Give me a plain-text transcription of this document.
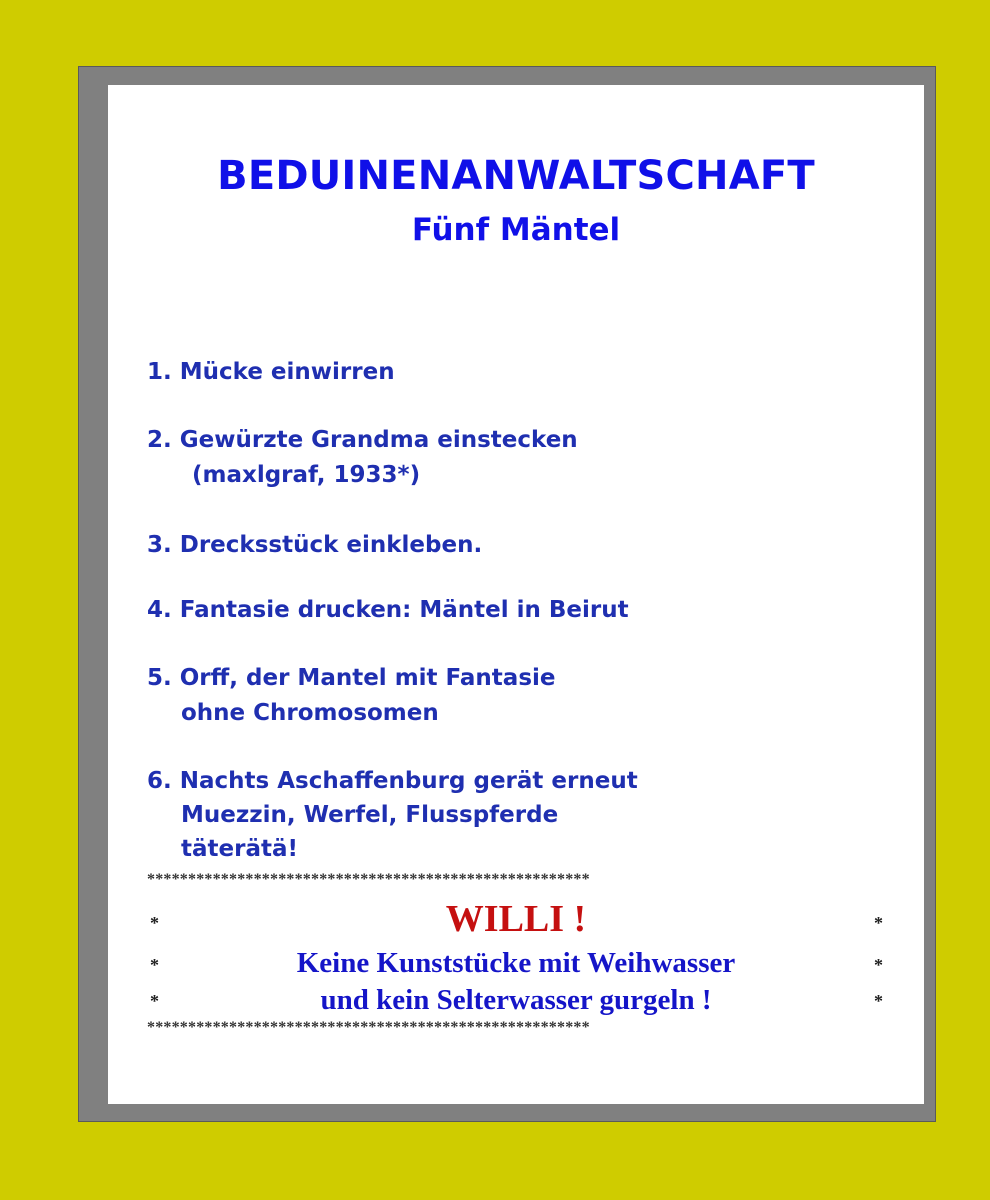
BEDUINENANWALTSCHAFT
Fünf Mäntel
1. Mücke einwirren
2. Gewürzte Grandma einstecken
(maxlgraf, 1933*)
3. Drecksstück einkleben.
4. Fantasie drucken: Mäntel in Beirut
5. Orff, der Mantel mit Fantasie
ohne Chromosomen
6. Nachts Aschaffenburg gerät erneut
Muezzin, Werfel, Flusspferde
täterätä!
******************************************************
*	*
*	*
*	*
WILLI !
Keine Kunststücke mit Weihwasser
und kein Selterwasser gurgeln !
******************************************************
